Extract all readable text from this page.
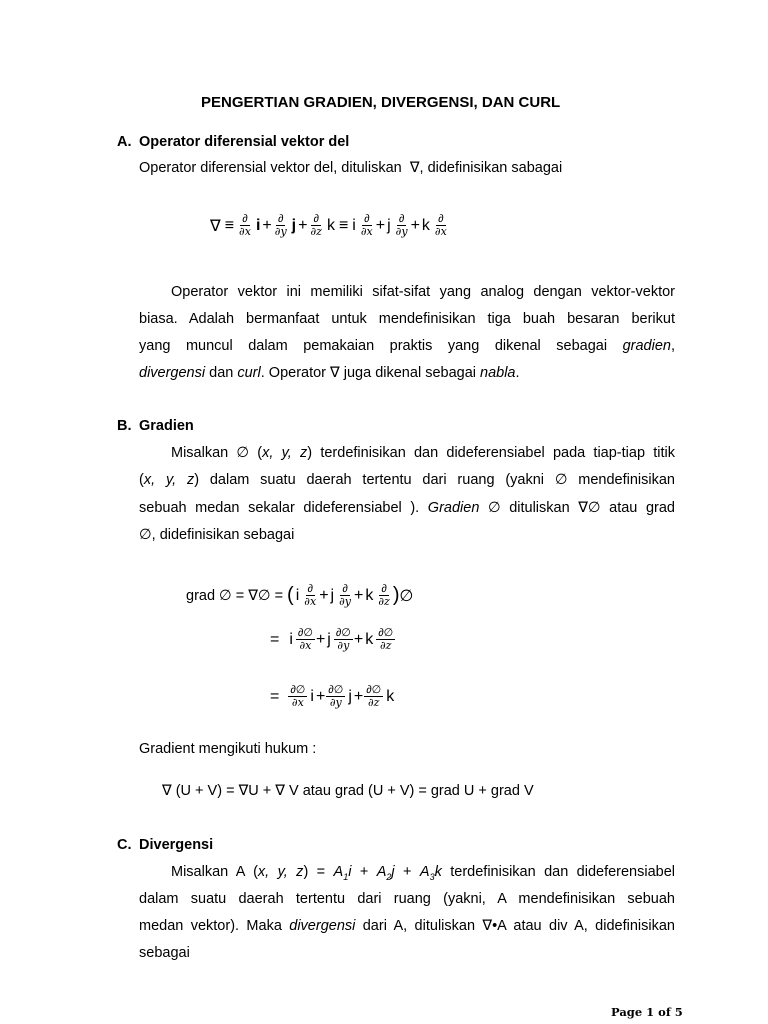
PENGERTIAN GRADIEN, DIVERGENSI, DAN CURL
A. Operator diferensial vektor del
Operator diferensial vektor del, dituliskan ∇, didefinisikan sabagai
∇ ≡ $\frac{\partial}{\partial x}$ $i + \frac{\partial}{\partial y}$ $j + \frac{\partial}{\partial z}$ k ≡ i $\frac{\partial}{\partial x} + j \frac{\partial}{\partial y} + k \frac{\partial}{\partial x}$
Operator vektor ini memiliki sifat-sifat yang analog dengan vektor-vektor
biasa. Adalah bermanfaat untuk mendefinisikan tiga buah besaran berikut
yang muncul dalam pemakaian praktis yang dikenal sebagai gradien,
divergensi dan curl. Operator ∇ juga dikenal sebagai nabla.
B. Gradien
Misalkan ∅ (x, y, z) terdefinisikan dan dideferensiabel pada tiap-tiap titik
(x, y, z) dalam suatu daerah tertentu dari ruang (yakni ∅ mendefinisikan
sebuah medan sekalar dideferensiabel ). Gradien ∅ dituliskan ∇∅ atau grad
∅, didefinisikan sebagai
grad ∅ = ∇∅ = ( i $\frac{\partial}{\partial x} + j \frac{\partial}{\partial y} + k \frac{\partial}{\partial z}$ ) ∅
= i $\frac{\partial\emptyset}{\partial x} + j \frac{\partial\emptyset}{\partial y} + k \frac{\partial\emptyset}{\partial z}$
= $\frac{\partial\emptyset}{\partial x}$ $i + \frac{\partial\emptyset}{\partial y}$ $j + \frac{\partial\emptyset}{\partial z}$ k
Gradient mengikuti hukum :
∇ (U + V) = ∇U + ∇ V atau grad (U + V) = grad U + grad V
C. Divergensi
Misalkan A (x, y, $z) = A_1i + A_2j + A_3k$ terdefinisikan dan dideferensiabel
dalam suatu daerah tertentu dari ruang (yakni, A mendefinisikan sebuah
medan vektor). Maka divergensi dari A, dituliskan ∇•A atau div A, didefinisikan
sebagai
Page 1 of 5
